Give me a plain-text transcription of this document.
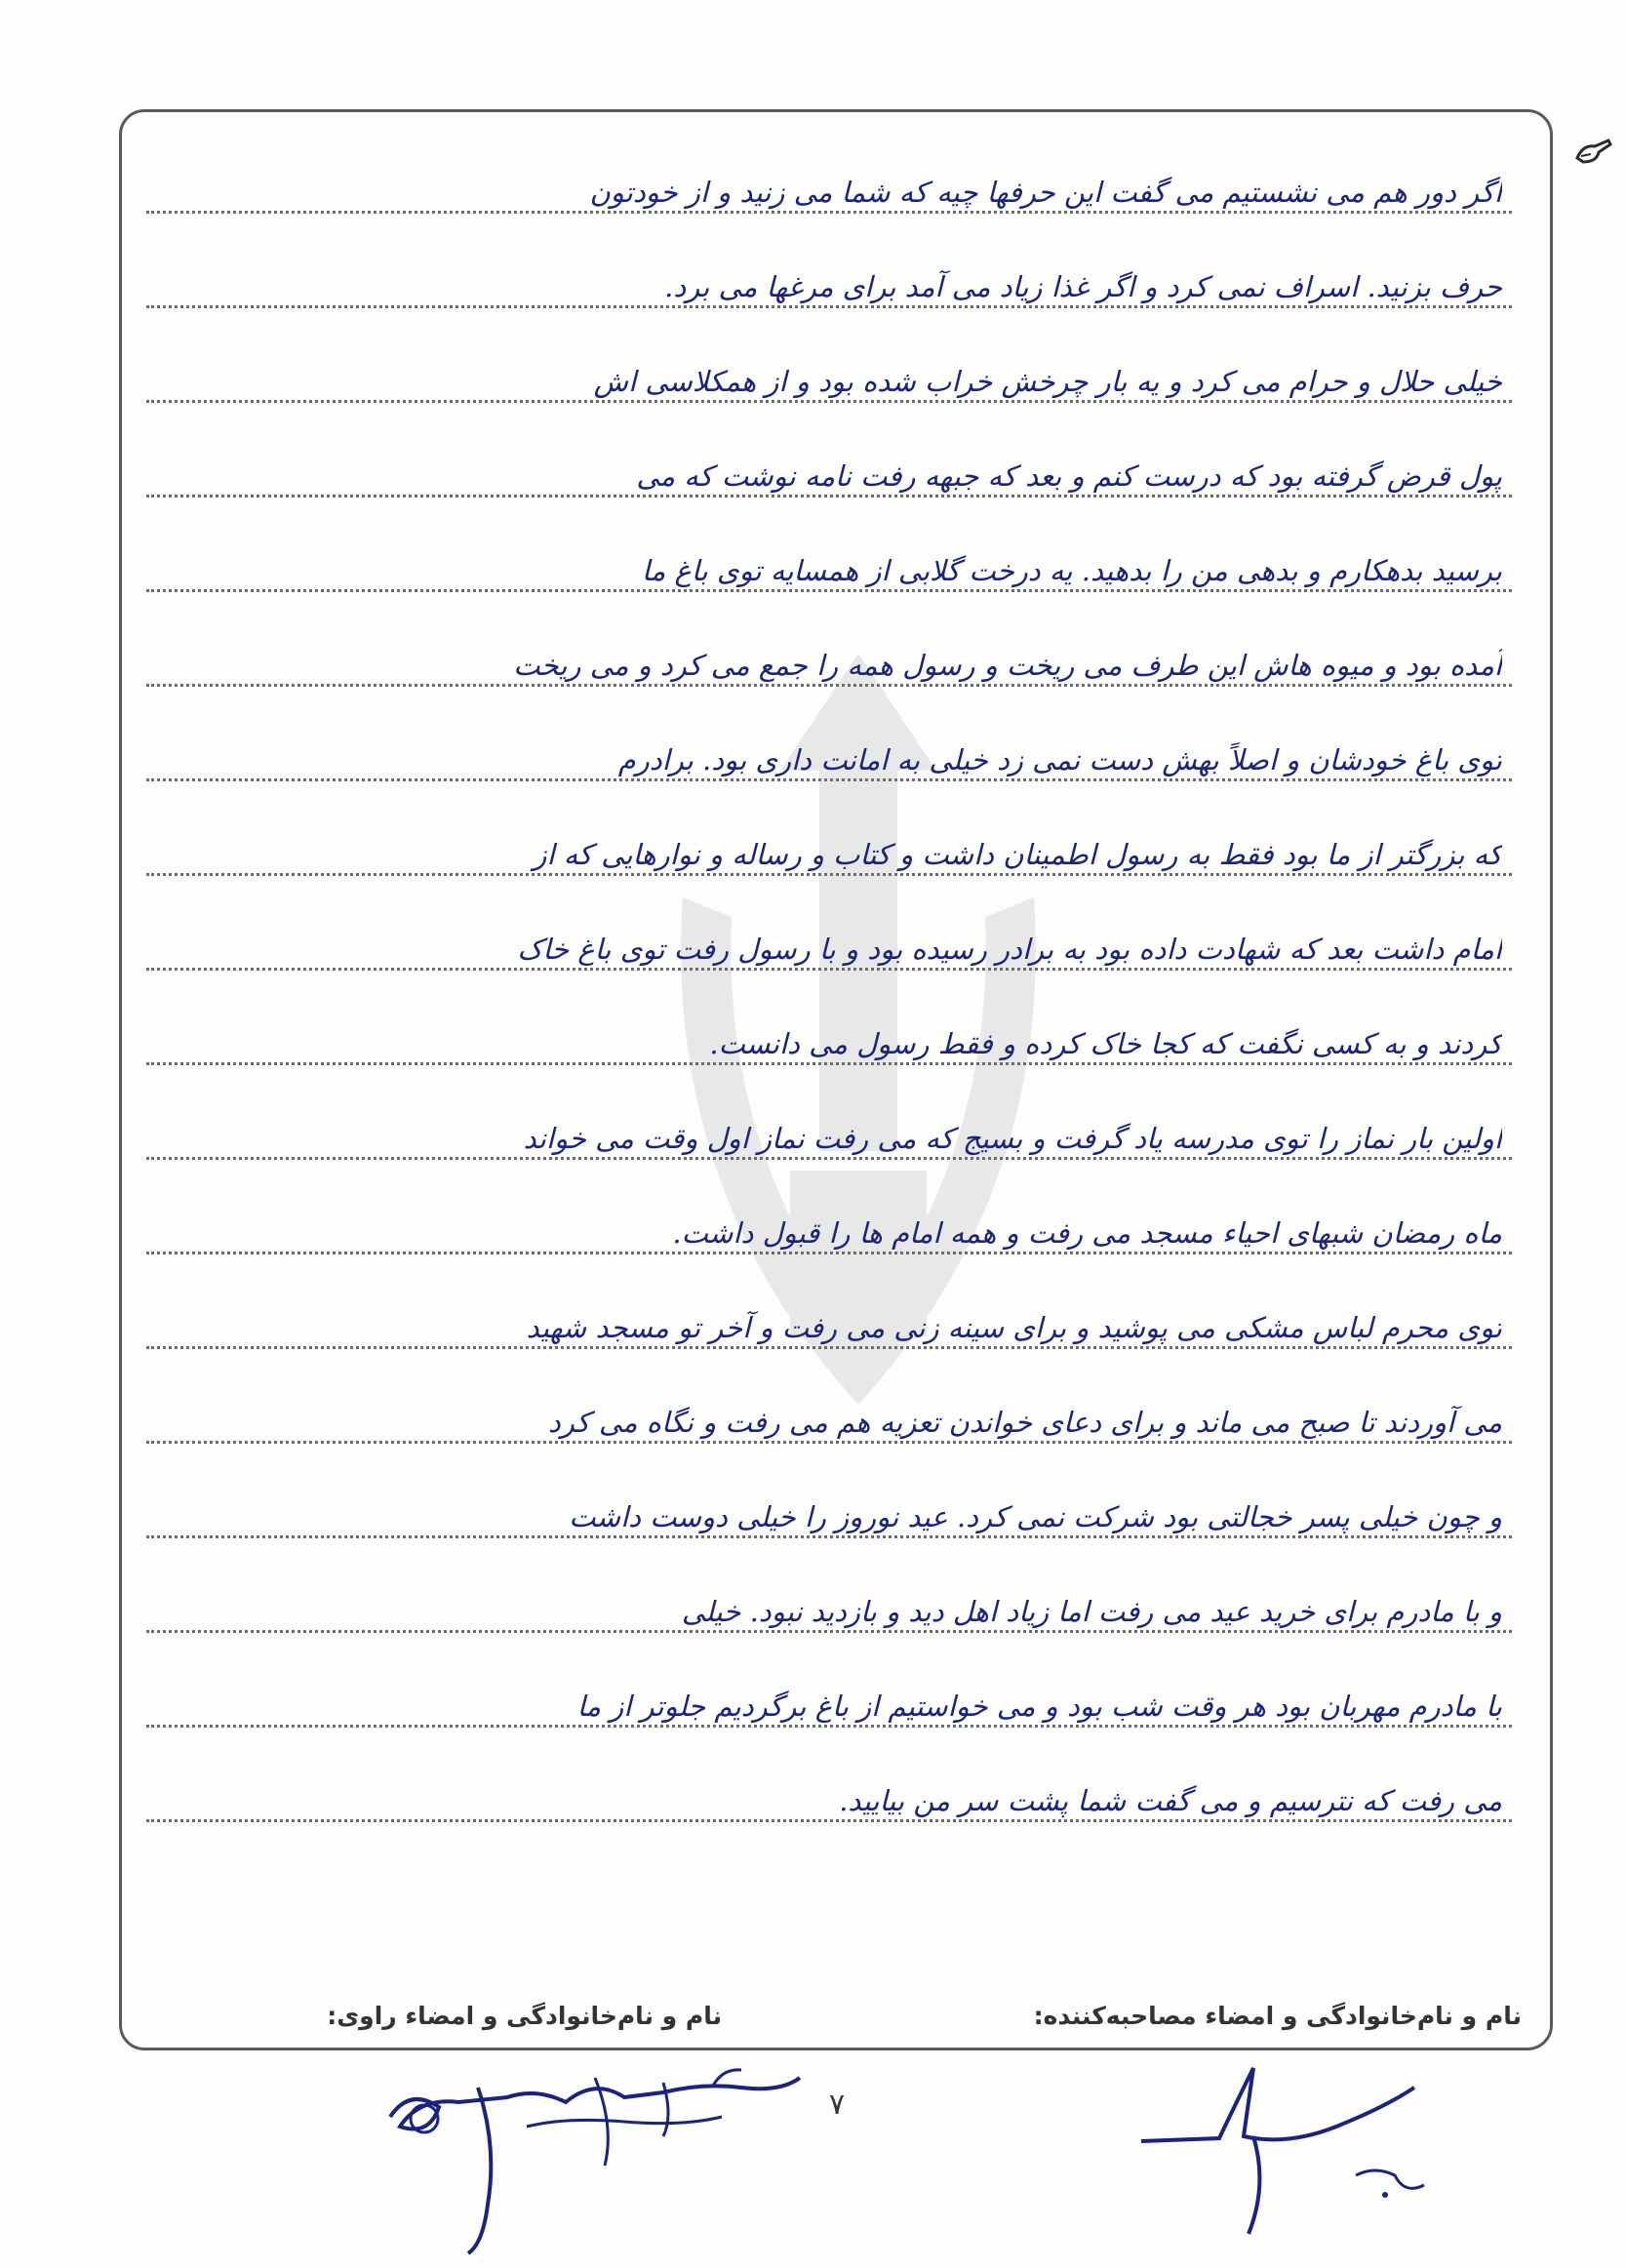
اگر دور هم می نشستیم می گفت این حرفها چیه که شما می زنید و از خودتون
حرف بزنید. اسراف نمی کرد و اگر غذا زیاد می آمد برای مرغها می برد.
خیلی حلال و حرام می کرد و یه بار چرخش خراب شده بود و از همکلاسی اش
پول قرض گرفته بود که درست کنم و بعد که جبهه رفت نامه نوشت که می
برسید بدهکارم و بدهی من را بدهید. یه درخت گلابی از همسایه توی باغ ما
آمده بود و میوه هاش این طرف می ریخت و رسول همه را جمع می کرد و می ریخت
توی باغ خودشان و اصلاً بهش دست نمی زد خیلی به امانت داری بود. برادرم
که بزرگتر از ما بود فقط به رسول اطمینان داشت و کتاب و رساله و نوارهایی که از
امام داشت بعد که شهادت داده بود به برادر رسیده بود و با رسول رفت توی باغ خاک
کردند و به کسی نگفت که کجا خاک کرده و فقط رسول می دانست.
اولین بار نماز را توی مدرسه یاد گرفت و بسیج که می رفت نماز اول وقت می خواند
ماه رمضان شبهای احیاء مسجد می رفت و همه امام ها را قبول داشت.
توی محرم لباس مشکی می پوشید و برای سینه زنی می رفت و آخر تو مسجد شهید
می آوردند تا صبح می ماند و برای دعای خواندن تعزیه هم می رفت و نگاه می کرد
و چون خیلی پسر خجالتی بود شرکت نمی کرد. عید نوروز را خیلی دوست داشت
و با مادرم برای خرید عید می رفت اما زیاد اهل دید و بازدید نبود. خیلی
با مادرم مهربان بود هر وقت شب بود و می خواستیم از باغ برگردیم جلوتر از ما
می رفت که نترسیم و می گفت شما پشت سر من بیایید.
نام و نام‌خانوادگی و امضاء مصاحبه‌کننده:
نام و نام‌خانوادگی و امضاء راوی:
۷
